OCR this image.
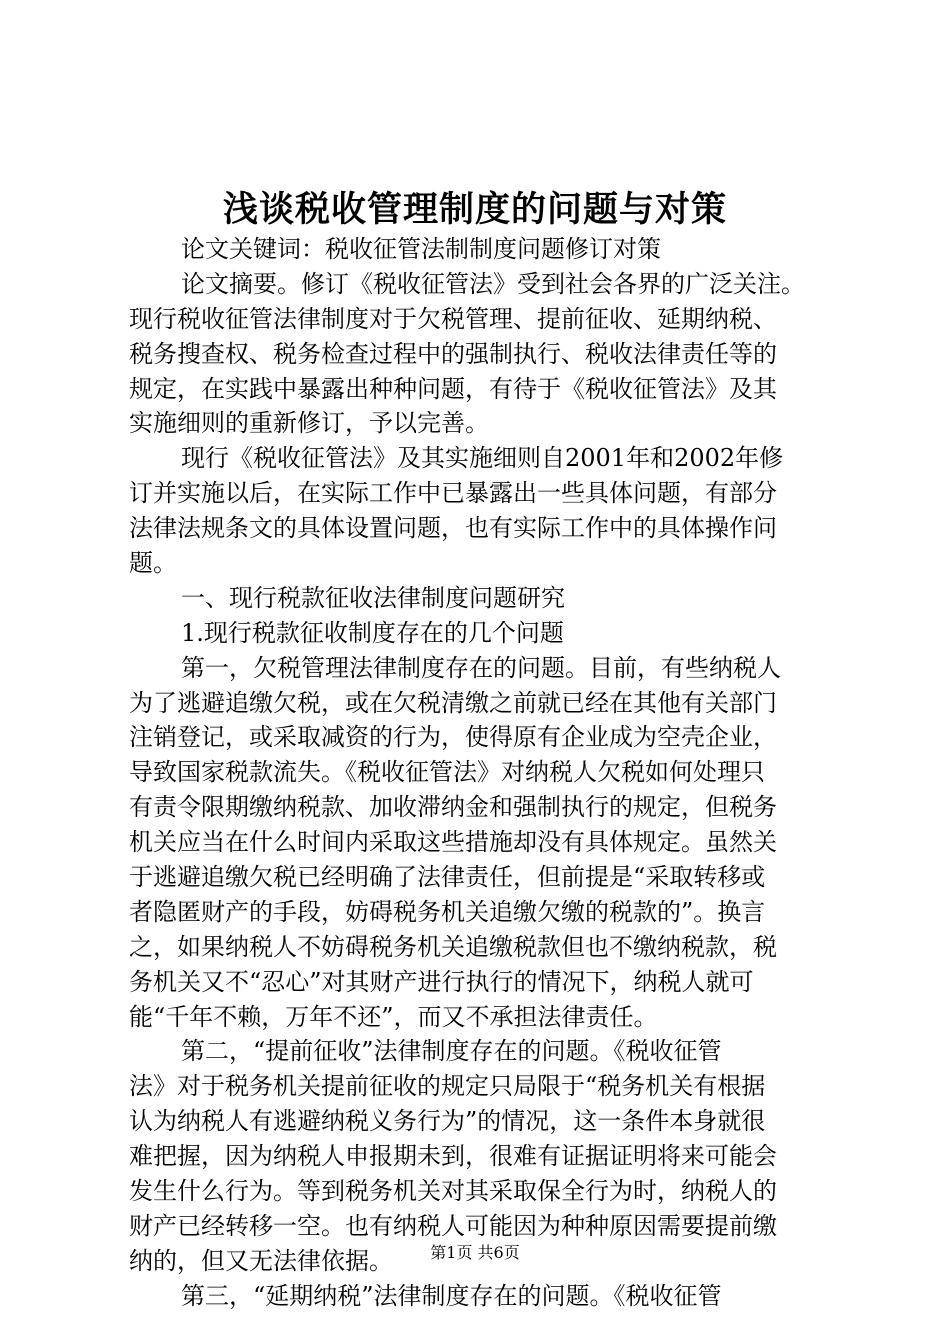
浅谈税收管理制度的问题与对策
论文关键词：税收征管法制制度问题修订对策
论文摘要。修订《税收征管法》受到社会各界的广泛关注。
现行税收征管法律制度对于欠税管理、提前征收、延期纳税、
税务搜查权、税务检查过程中的强制执行、税收法律责任等的
规定，在实践中暴露出种种问题，有待于《税收征管法》及其
实施细则的重新修订，予以完善。
现行《税收征管法》及其实施细则自2001年和2002年修
订并实施以后，在实际工作中已暴露出一些具体问题，有部分
法律法规条文的具体设置问题，也有实际工作中的具体操作问
题。
一、现行税款征收法律制度问题研究
1.现行税款征收制度存在的几个问题
第一，欠税管理法律制度存在的问题。目前，有些纳税人
为了逃避追缴欠税，或在欠税清缴之前就已经在其他有关部门
注销登记，或采取减资的行为，使得原有企业成为空壳企业，
导致国家税款流失。《税收征管法》对纳税人欠税如何处理只
有责令限期缴纳税款、加收滞纳金和强制执行的规定，但税务
机关应当在什么时间内采取这些措施却没有具体规定。虽然关
于逃避追缴欠税已经明确了法律责任，但前提是“采取转移或
者隐匿财产的手段，妨碍税务机关追缴欠缴的税款的”。换言
之，如果纳税人不妨碍税务机关追缴税款但也不缴纳税款，税
务机关又不“忍心”对其财产进行执行的情况下，纳税人就可
能“千年不赖，万年不还”，而又不承担法律责任。
第二，“提前征收”法律制度存在的问题。《税收征管
法》对于税务机关提前征收的规定只局限于“税务机关有根据
认为纳税人有逃避纳税义务行为”的情况，这一条件本身就很
难把握，因为纳税人申报期未到，很难有证据证明将来可能会
发生什么行为。等到税务机关对其采取保全行为时，纳税人的
财产已经转移一空。也有纳税人可能因为种种原因需要提前缴
纳的，但又无法律依据。
第三，“延期纳税”法律制度存在的问题。《税收征管
第1页 共6页
